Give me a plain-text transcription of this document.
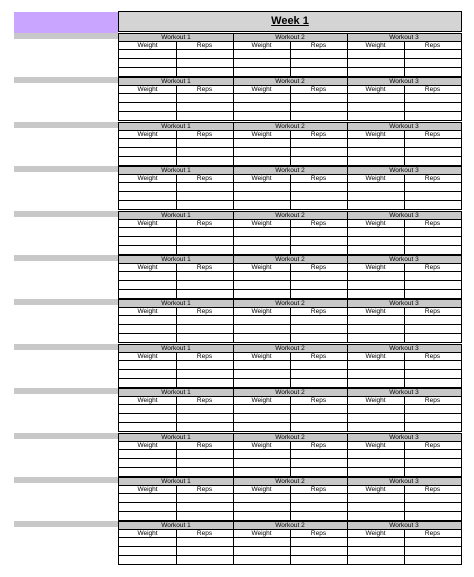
Week 1
Workout 1	Workout 2	Workout 3
Weight	Reps	Weight	Reps	Weight	Reps
Workout 1	Workout 2	Workout 3
Weight	Reps	Weight	Reps	Weight	Reps
Workout 1	Workout 2	Workout 3
Weight	Reps	Weight	Reps	Weight	Reps
Workout 1	Workout 2	Workout 3
Weight	Reps	Weight	Reps	Weight	Reps
Workout 1	Workout 2	Workout 3
Weight	Reps	Weight	Reps	Weight	Reps
Workout 1	Workout 2	Workout 3
Weight	Reps	Weight	Reps	Weight	Reps
Workout 1	Workout 2	Workout 3
Weight	Reps	Weight	Reps	Weight	Reps
Workout 1	Workout 2	Workout 3
Weight	Reps	Weight	Reps	Weight	Reps
Workout 1	Workout 2	Workout 3
Weight	Reps	Weight	Reps	Weight	Reps
Workout 1	Workout 2	Workout 3
Weight	Reps	Weight	Reps	Weight	Reps
Workout 1	Workout 2	Workout 3
Weight	Reps	Weight	Reps	Weight	Reps
Workout 1	Workout 2	Workout 3
Weight	Reps	Weight	Reps	Weight	Reps
